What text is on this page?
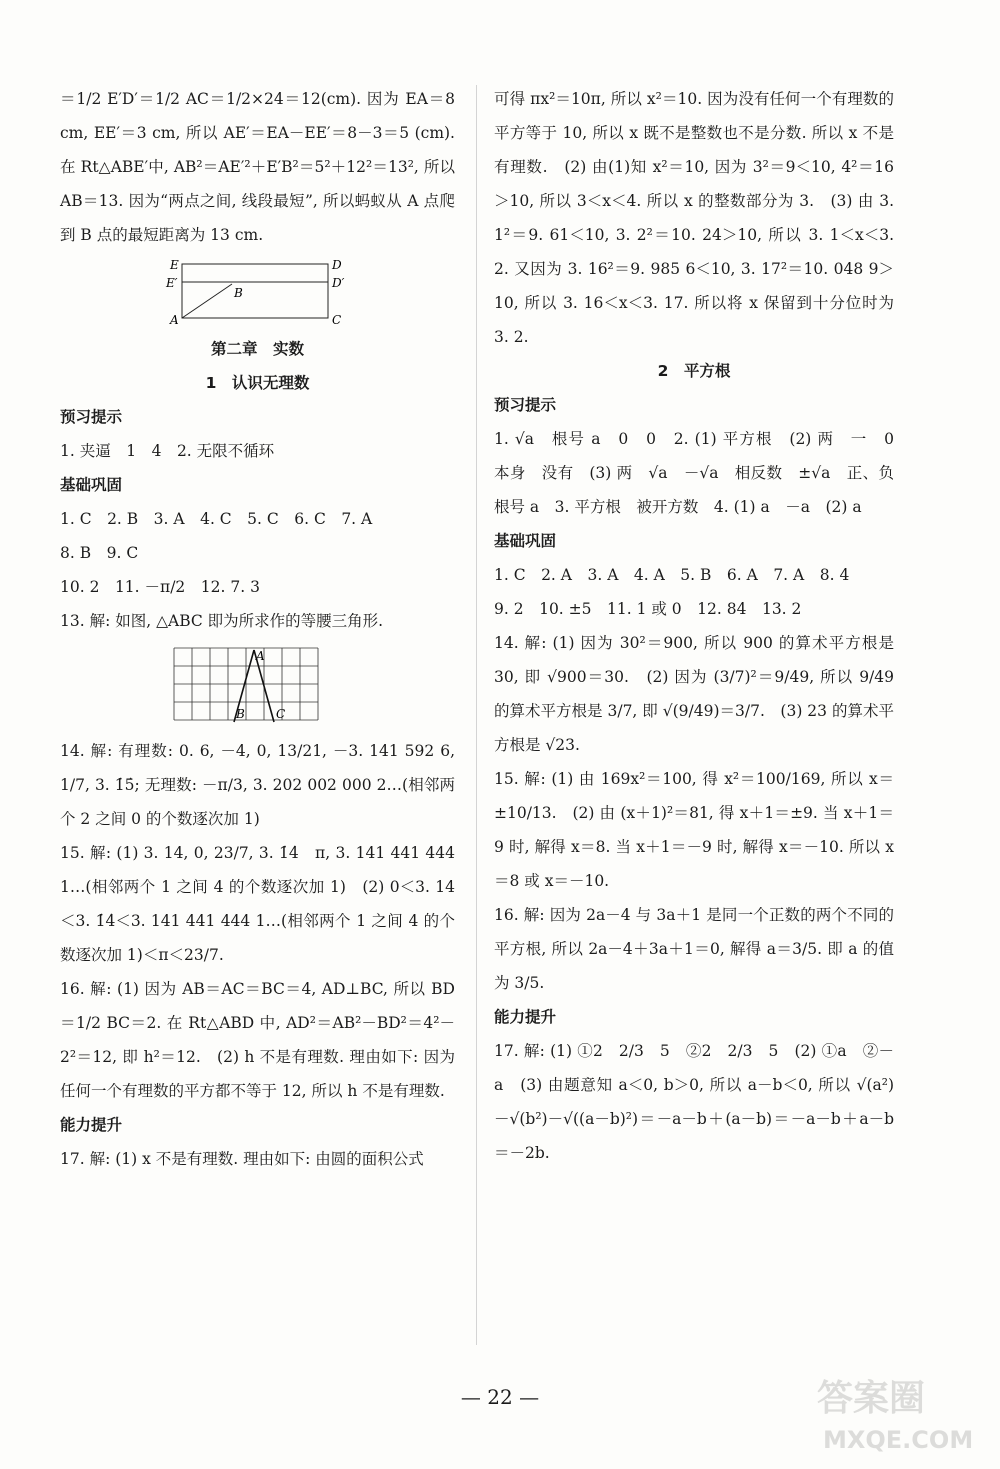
＝1/2 E′D′＝1/2 AC＝1/2×24＝12(cm). 因为 EA＝8 cm, EE′＝3 cm, 所以 AE′＝EA－EE′＝8－3＝5 (cm). 在 Rt△ABE′中, AB²＝AE′²＋E′B²＝5²＋12²＝13², 所以 AB＝13. 因为“两点之间, 线段最短”, 所以蚂蚁从 A 点爬到 B 点的最短距离为 13 cm.

E	D
E′	D′
B
A	C

第二章　实数

1　认识无理数

预习提示

1. 夹逼　1　4　2. 无限不循环

基础巩固

1. C　2. B　3. A　4. C　5. C　6. C　7. A

8. B　9. C

10. 2　11. －π/2　12. 7. 3

13. 解: 如图, △ABC 即为所求作的等腰三角形.

A
B	C

14. 解: 有理数: 0. 6, －4, 0, 13/21, －3. 141 592 6, 1/7, 3. 1̇5̇; 无理数: －π/3, 3. 202 002 000 2…(相邻两个 2 之间 0 的个数逐次加 1)

15. 解: (1) 3. 14, 0, 23/7, 3. 1̇4̇　π, 3. 141 441 444 1…(相邻两个 1 之间 4 的个数逐次加 1)　(2) 0＜3. 14＜3. 1̇4̇＜3. 141 441 444 1…(相邻两个 1 之间 4 的个数逐次加 1)＜π＜23/7.

16. 解: (1) 因为 AB＝AC＝BC＝4, AD⊥BC, 所以 BD＝1/2 BC＝2. 在 Rt△ABD 中, AD²＝AB²－BD²＝4²－2²＝12, 即 h²＝12.　(2) h 不是有理数. 理由如下: 因为任何一个有理数的平方都不等于 12, 所以 h 不是有理数.

能力提升

17. 解: (1) x 不是有理数. 理由如下: 由圆的面积公式

可得 πx²＝10π, 所以 x²＝10. 因为没有任何一个有理数的平方等于 10, 所以 x 既不是整数也不是分数. 所以 x 不是有理数.　(2) 由(1)知 x²＝10, 因为 3²＝9＜10, 4²＝16＞10, 所以 3＜x＜4. 所以 x 的整数部分为 3.　(3) 由 3. 1²＝9. 61＜10, 3. 2²＝10. 24＞10, 所以 3. 1＜x＜3. 2. 又因为 3. 16²＝9. 985 6＜10, 3. 17²＝10. 048 9＞10, 所以 3. 16＜x＜3. 17. 所以将 x 保留到十分位时为 3. 2.

2　平方根

预习提示

1. √a　根号 a　0　0　2. (1) 平方根　(2) 两　一　0　本身　没有　(3) 两　√a　－√a　相反数　±√a　正、负根号 a　3. 平方根　被开方数　4. (1) a　－a　(2) a

基础巩固

1. C　2. A　3. A　4. A　5. B　6. A　7. A　8. 4

9. 2　10. ±5　11. 1 或 0　12. 84　13. 2

14. 解: (1) 因为 30²＝900, 所以 900 的算术平方根是 30, 即 √900＝30.　(2) 因为 (3/7)²＝9/49, 所以 9/49 的算术平方根是 3/7, 即 √(9/49)＝3/7.　(3) 23 的算术平方根是 √23.

15. 解: (1) 由 169x²＝100, 得 x²＝100/169, 所以 x＝±10/13.　(2) 由 (x＋1)²＝81, 得 x＋1＝±9. 当 x＋1＝9 时, 解得 x＝8. 当 x＋1＝－9 时, 解得 x＝－10. 所以 x＝8 或 x＝－10.

16. 解: 因为 2a－4 与 3a＋1 是同一个正数的两个不同的平方根, 所以 2a－4＋3a＋1＝0, 解得 a＝3/5. 即 a 的值为 3/5.

能力提升

17. 解: (1) ①2　2/3　5　②2　2/3　5　(2) ①a　②－a　(3) 由题意知 a＜0, b＞0, 所以 a－b＜0, 所以 √(a²)－√(b²)－√((a－b)²)＝－a－b＋(a－b)＝－a－b＋a－b＝－2b.

— 22 —	答案圈
MXQE.COM
